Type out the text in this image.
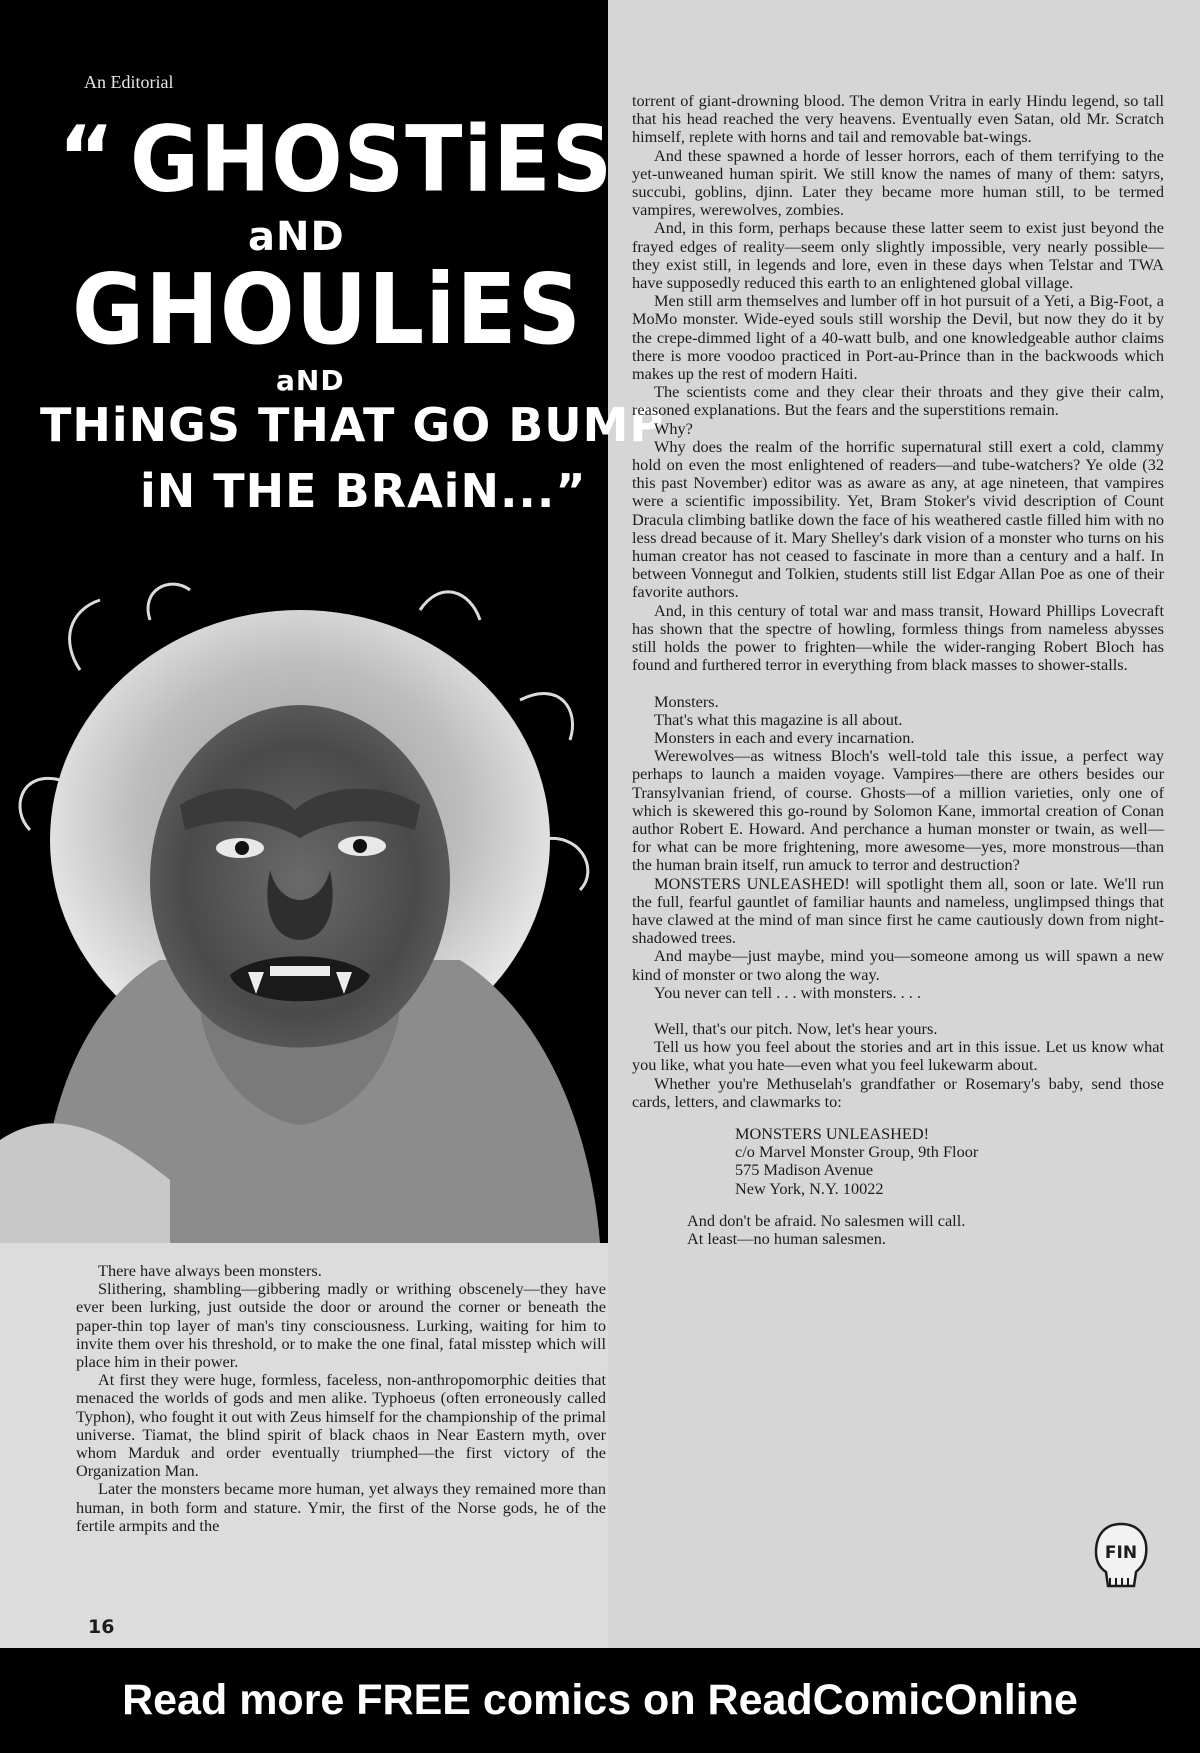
An Editorial
“ GHOSTiES
aND
GHOULiES
aND
THiNGS THAT GO BUMP
iN THE BRAiN...”

torrent of giant-drowning blood. The demon Vritra in early Hindu legend, so tall that his head reached the very heavens. Eventually even Satan, old Mr. Scratch himself, replete with horns and tail and removable bat-wings.

And these spawned a horde of lesser horrors, each of them terrifying to the yet-unweaned human spirit. We still know the names of many of them: satyrs, succubi, goblins, djinn. Later they became more human still, to be termed vampires, werewolves, zombies.

And, in this form, perhaps because these latter seem to exist just beyond the frayed edges of reality—seem only slightly impossible, very nearly possible—they exist still, in legends and lore, even in these days when Telstar and TWA have supposedly reduced this earth to an enlightened global village.

Men still arm themselves and lumber off in hot pursuit of a Yeti, a Big-Foot, a MoMo monster. Wide-eyed souls still worship the Devil, but now they do it by the crepe-dimmed light of a 40-watt bulb, and one knowledgeable author claims there is more voodoo practiced in Port-au-Prince than in the backwoods which makes up the rest of modern Haiti.

The scientists come and they clear their throats and they give their calm, reasoned explanations. But the fears and the superstitions remain.

Why?

Why does the realm of the horrific supernatural still exert a cold, clammy hold on even the most enlightened of readers—and tube-watchers? Ye olde (32 this past November) editor was as aware as any, at age nineteen, that vampires were a scientific impossibility. Yet, Bram Stoker's vivid description of Count Dracula climbing batlike down the face of his weathered castle filled him with no less dread because of it. Mary Shelley's dark vision of a monster who turns on his human creator has not ceased to fascinate in more than a century and a half. In between Vonnegut and Tolkien, students still list Edgar Allan Poe as one of their favorite authors.

And, in this century of total war and mass transit, Howard Phillips Lovecraft has shown that the spectre of howling, formless things from nameless abysses still holds the power to frighten—while the wider-ranging Robert Bloch has found and furthered terror in everything from black masses to shower-stalls.

Monsters.

That's what this magazine is all about.

Monsters in each and every incarnation.

Werewolves—as witness Bloch's well-told tale this issue, a perfect way perhaps to launch a maiden voyage. Vampires—there are others besides our Transylvanian friend, of course. Ghosts—of a million varieties, only one of which is skewered this go-round by Solomon Kane, immortal creation of Conan author Robert E. Howard. And perchance a human monster or twain, as well—for what can be more frightening, more awesome—yes, more monstrous—than the human brain itself, run amuck to terror and destruction?

MONSTERS UNLEASHED! will spotlight them all, soon or late. We'll run the full, fearful gauntlet of familiar haunts and nameless, unglimpsed things that have clawed at the mind of man since first he came cautiously down from night-shadowed trees.

And maybe—just maybe, mind you—someone among us will spawn a new kind of monster or two along the way.

You never can tell . . . with monsters. . . .

Well, that's our pitch. Now, let's hear yours.

Tell us how you feel about the stories and art in this issue. Let us know what you like, what you hate—even what you feel lukewarm about.

Whether you're Methuselah's grandfather or Rosemary's baby, send those cards, letters, and clawmarks to:

MONSTERS UNLEASHED!
c/o Marvel Monster Group, 9th Floor
575 Madison Avenue
New York, N.Y. 10022

And don't be afraid. No salesmen will call.

At least—no human salesmen.

There have always been monsters.

Slithering, shambling—gibbering madly or writhing obscenely—they have ever been lurking, just outside the door or around the corner or beneath the paper-thin top layer of man's tiny consciousness. Lurking, waiting for him to invite them over his threshold, or to make the one final, fatal misstep which will place him in their power.

At first they were huge, formless, faceless, non-anthropomorphic deities that menaced the worlds of gods and men alike. Typhoeus (often erroneously called Typhon), who fought it out with Zeus himself for the championship of the primal universe. Tiamat, the blind spirit of black chaos in Near Eastern myth, over whom Marduk and order eventually triumphed—the first victory of the Organization Man.

Later the monsters became more human, yet always they remained more than human, in both form and stature. Ymir, the first of the Norse gods, he of the fertile armpits and the

FIN
16
Read more FREE comics on ReadComicOnline
